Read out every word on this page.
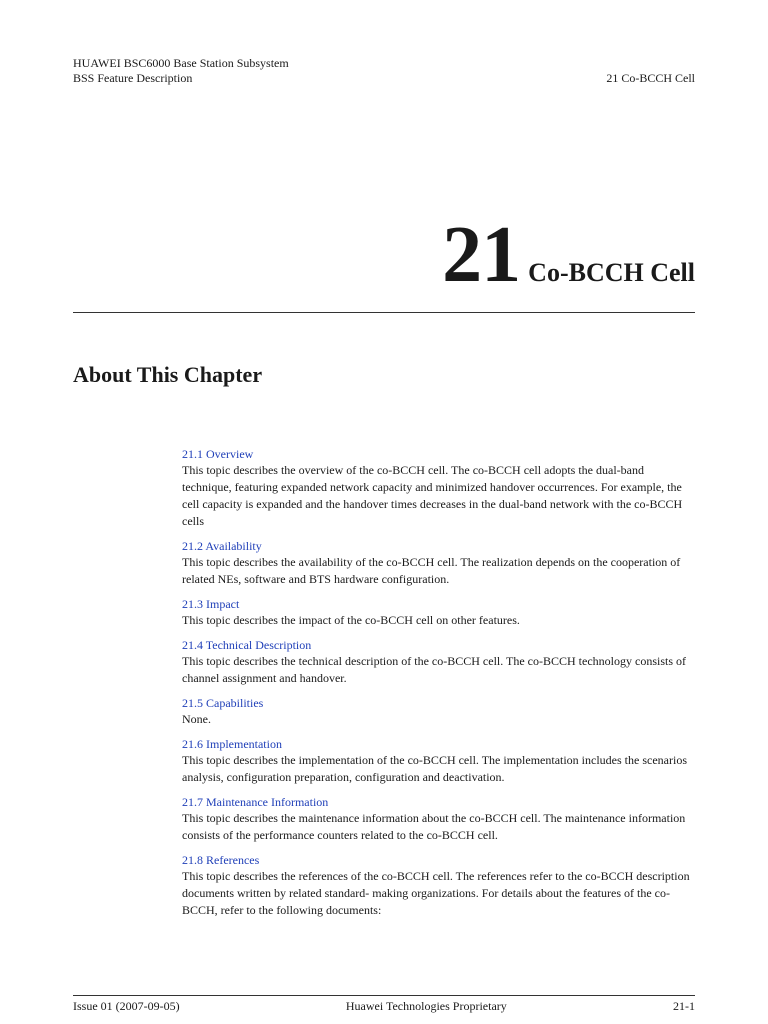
HUAWEI BSC6000 Base Station Subsystem
BSS Feature Description	21 Co-BCCH Cell
21 Co-BCCH Cell
About This Chapter
21.1 Overview
This topic describes the overview of the co-BCCH cell. The co-BCCH cell adopts the dual-band technique, featuring expanded network capacity and minimized handover occurrences. For example, the cell capacity is expanded and the handover times decreases in the dual-band network with the co-BCCH cells
21.2 Availability
This topic describes the availability of the co-BCCH cell. The realization depends on the cooperation of related NEs, software and BTS hardware configuration.
21.3 Impact
This topic describes the impact of the co-BCCH cell on other features.
21.4 Technical Description
This topic describes the technical description of the co-BCCH cell. The co-BCCH technology consists of channel assignment and handover.
21.5 Capabilities
None.
21.6 Implementation
This topic describes the implementation of the co-BCCH cell. The implementation includes the scenarios analysis, configuration preparation, configuration and deactivation.
21.7 Maintenance Information
This topic describes the maintenance information about the co-BCCH cell. The maintenance information consists of the performance counters related to the co-BCCH cell.
21.8 References
This topic describes the references of the co-BCCH cell. The references refer to the co-BCCH description documents written by related standard- making organizations. For details about the features of the co-BCCH, refer to the following documents:
Issue 01 (2007-09-05)	Huawei Technologies Proprietary	21-1
